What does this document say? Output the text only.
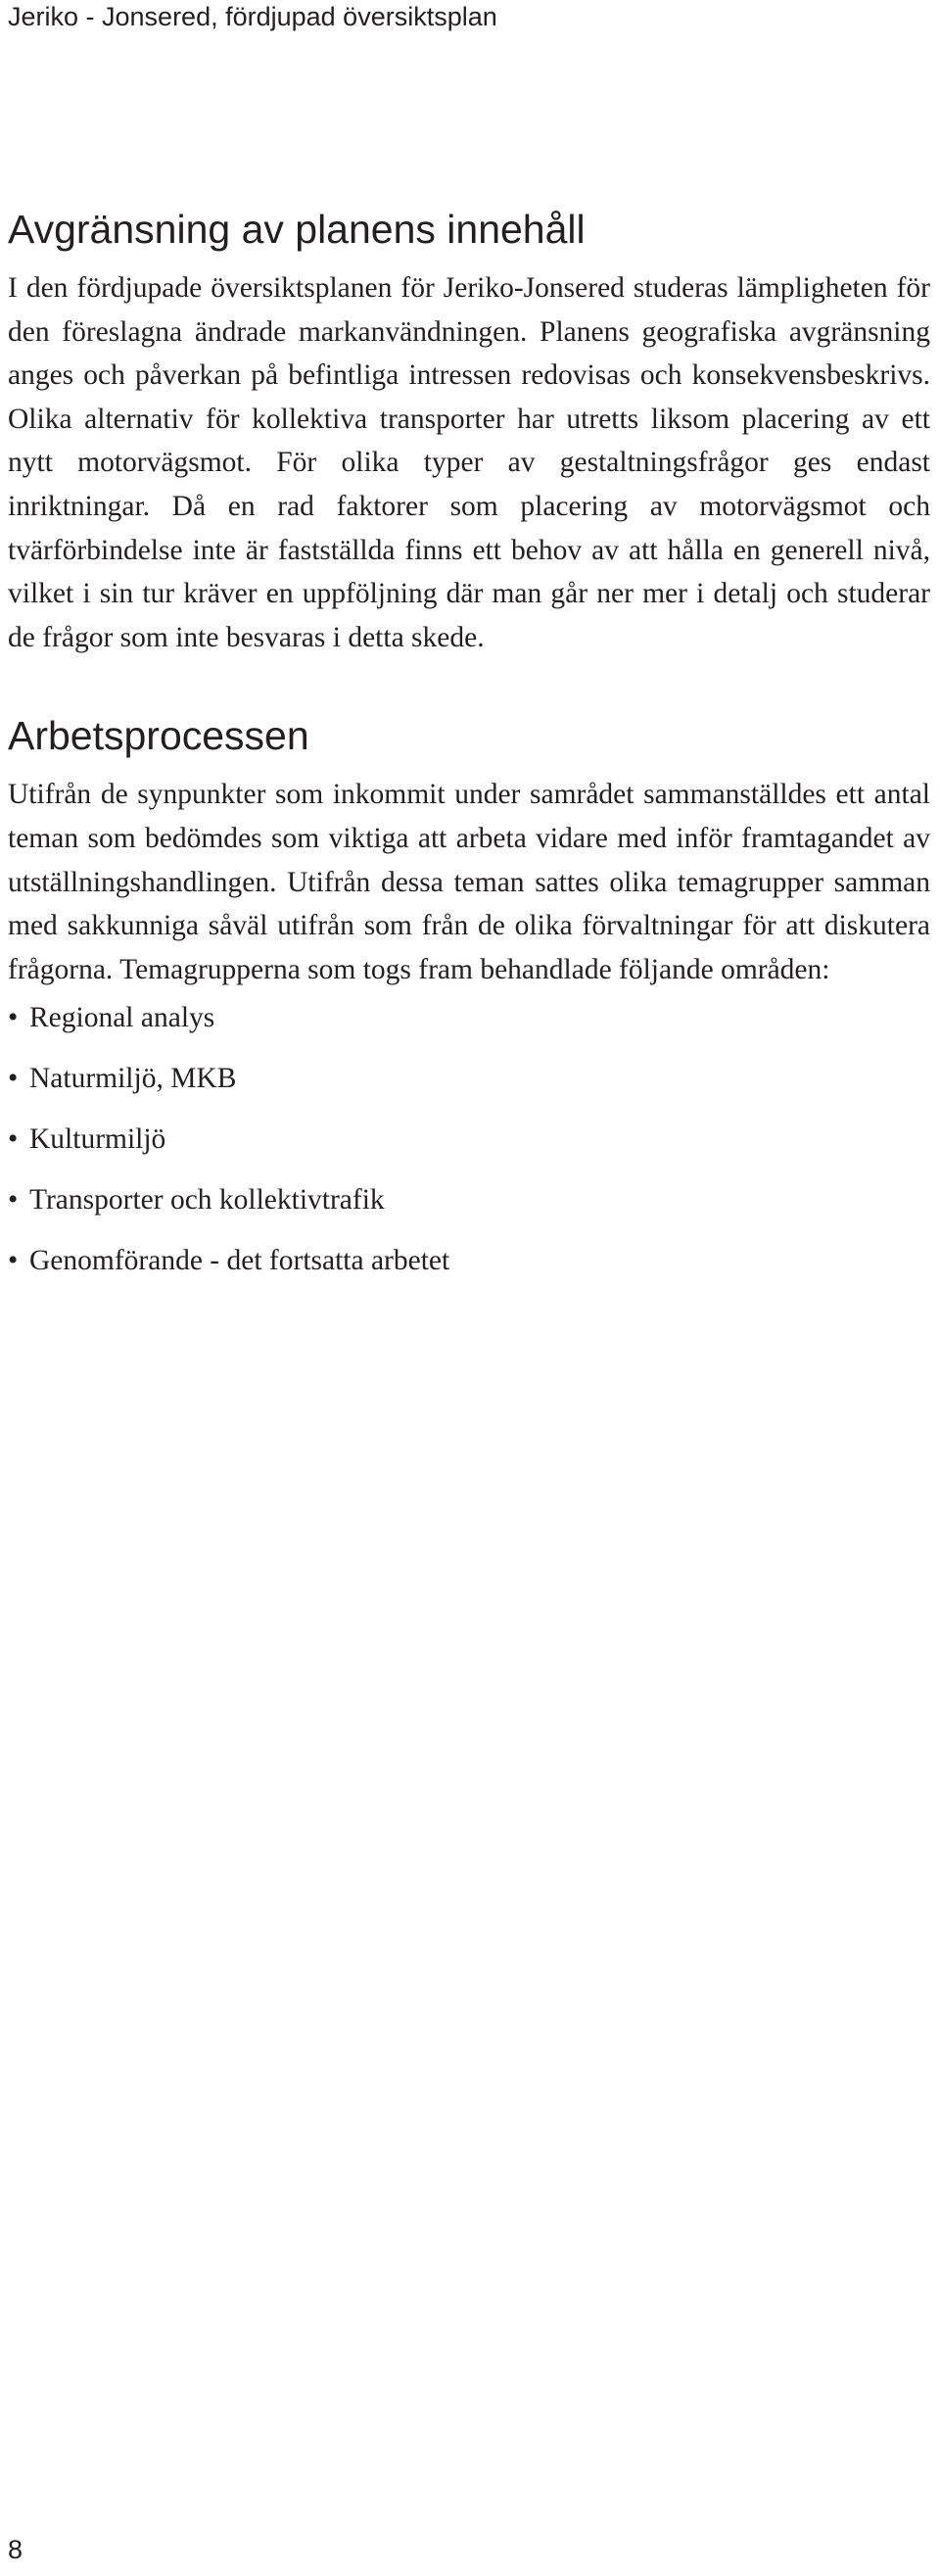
Jeriko - Jonsered, fördjupad översiktsplan
Avgränsning av planens innehåll

I den fördjupade översiktsplanen för Jeriko-Jonsered studeras lämpligheten för den föreslagna ändrade markanvändningen. Planens geografiska avgränsning anges och påverkan på befintliga intressen redovisas och konsekvensbeskrivs. Olika alternativ för kollektiva transporter har utretts liksom placering av ett nytt motorvägsmot. För olika typer av gestaltningsfrågor ges endast inriktningar. Då en rad faktorer som placering av motorvägsmot och tvärförbindelse inte är fastställda finns ett behov av att hålla en generell nivå, vilket i sin tur kräver en uppföljning där man går ner mer i detalj och studerar de frågor som inte besvaras i detta skede.

Arbetsprocessen

Utifrån de synpunkter som inkommit under samrådet sammanställdes ett antal teman som bedömdes som viktiga att arbeta vidare med inför framtagandet av utställningshandlingen. Utifrån dessa teman sattes olika temagrupper samman med sakkunniga såväl utifrån som från de olika förvaltningar för att diskutera frågorna. Temagrupperna som togs fram behandlade följande områden:

• Regional analys
• Naturmiljö, MKB
• Kulturmiljö
• Transporter och kollektivtrafik
• Genomförande - det fortsatta arbetet
8
